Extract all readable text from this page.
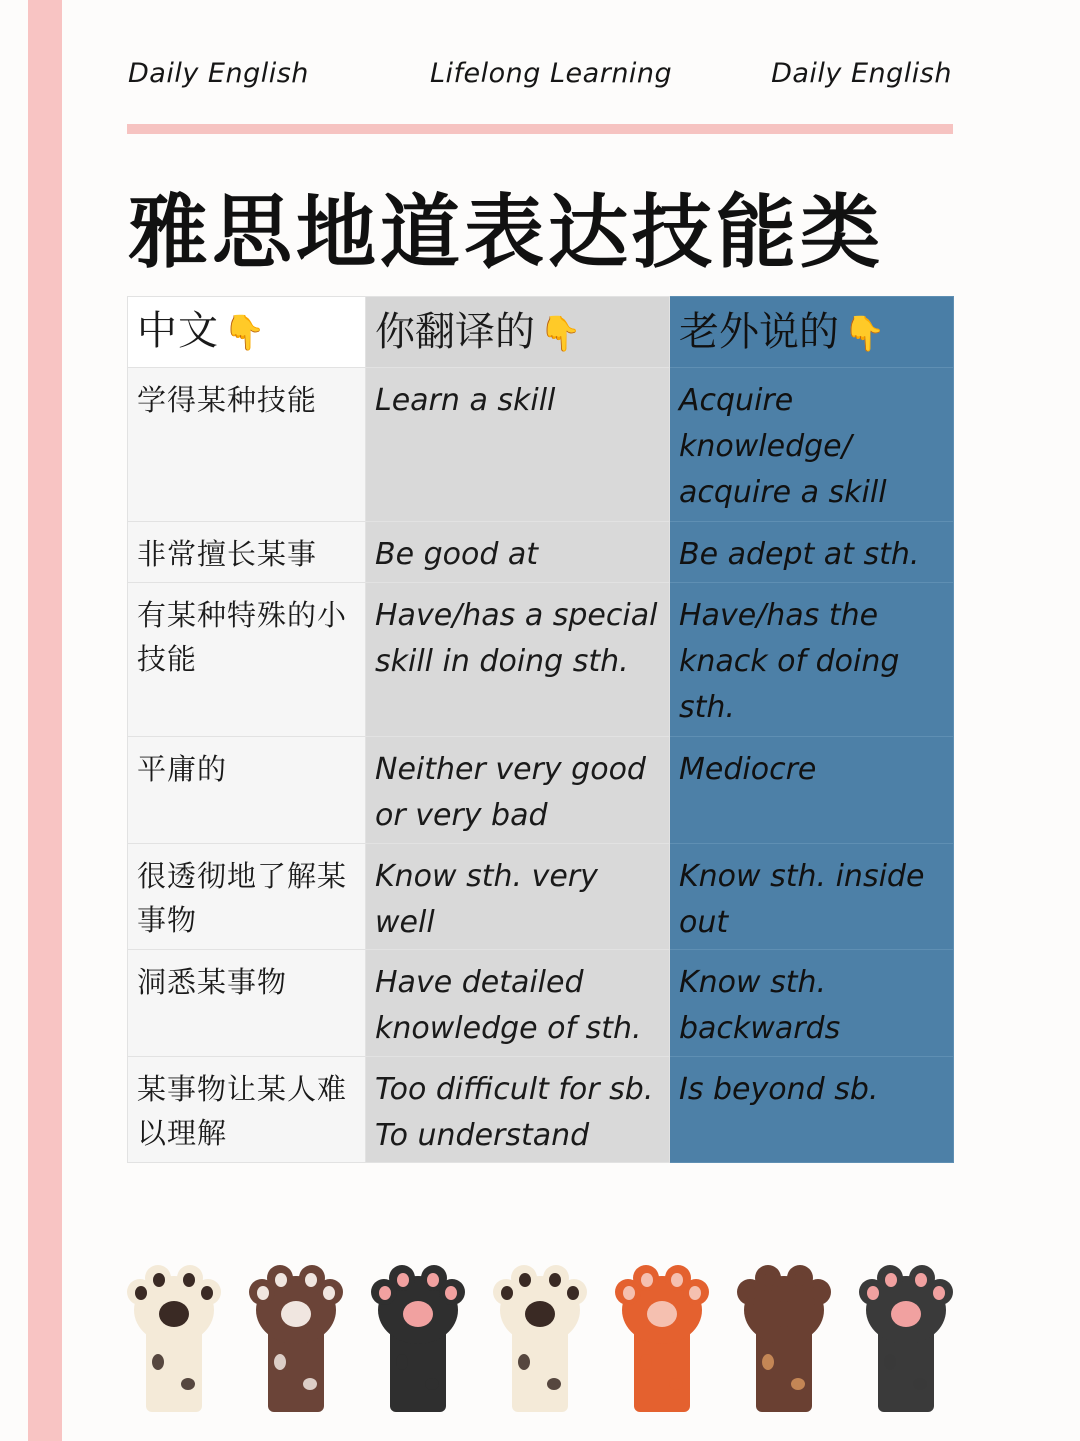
Daily English	Lifelong Learning	Daily English
雅思地道表达技能类
中文 👇	你翻译的 👇	老外说的 👇
学得某种技能	Learn a skill	Acquire knowledge/ acquire a skill
非常擅长某事	Be good at	Be adept at sth.
有某种特殊的小技能	Have/has a special skill in doing sth.	Have/has the knack of doing sth.
平庸的	Neither very good or very bad	Mediocre
很透彻地了解某事物	Know sth. very well	Know sth. inside out
洞悉某事物	Have detailed knowledge of sth.	Know sth. backwards
某事物让某人难以理解	Too difficult for sb. To understand	Is beyond sb.
